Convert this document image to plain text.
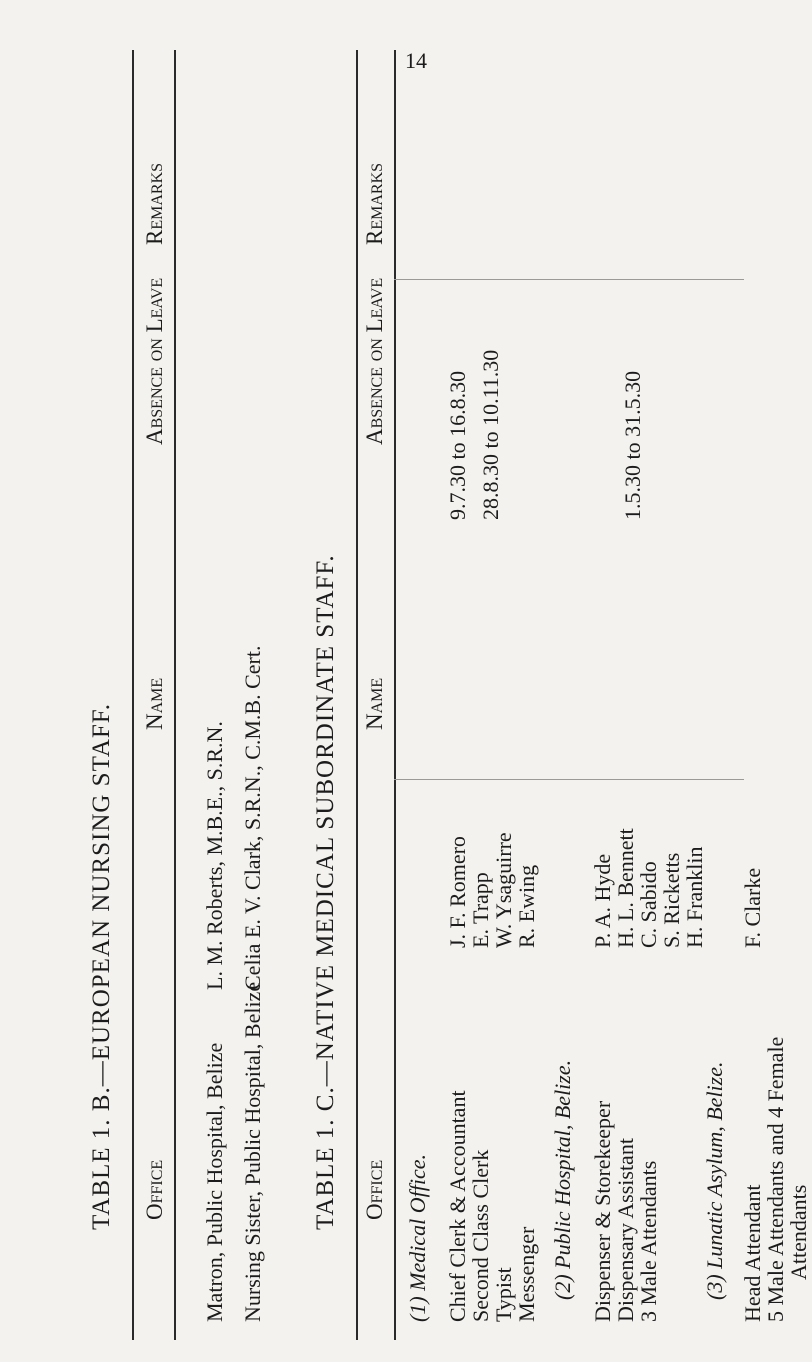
14
TABLE 1. B.—EUROPEAN NURSING STAFF. Office
Name
Absence on Leave
Remarks
Matron, Public Hospital, Belize
L. M. Roberts, M.B.E., S.R.N.
Nursing Sister, Public Hospital, Belize
Celia E. V. Clark, S.R.N., C.M.B. Cert. TABLE 1. C.—NATIVE MEDICAL SUBORDINATE STAFF. Office
Name
Absence on Leave
Remarks
(1) Medical Office. Chief Clerk & Accountant
J. F. Romero
9.7.30 to 16.8.30
Second Class Clerk
E. Trapp
28.8.30 to 10.11.30
Typist
W. Ysaguirre
Messenger
R. Ewing
(2) Public Hospital, Belize. Dispenser & Storekeeper
P. A. Hyde
Dispensary Assistant
H. L. Bennett
3 Male Attendants
C. Sabido
1.5.30 to 31.5.30
S. Ricketts
H. Franklin
(3) Lunatic Asylum, Belize. Head Attendant
F. Clarke
5 Male Attendants and 4 Female
Attendants
